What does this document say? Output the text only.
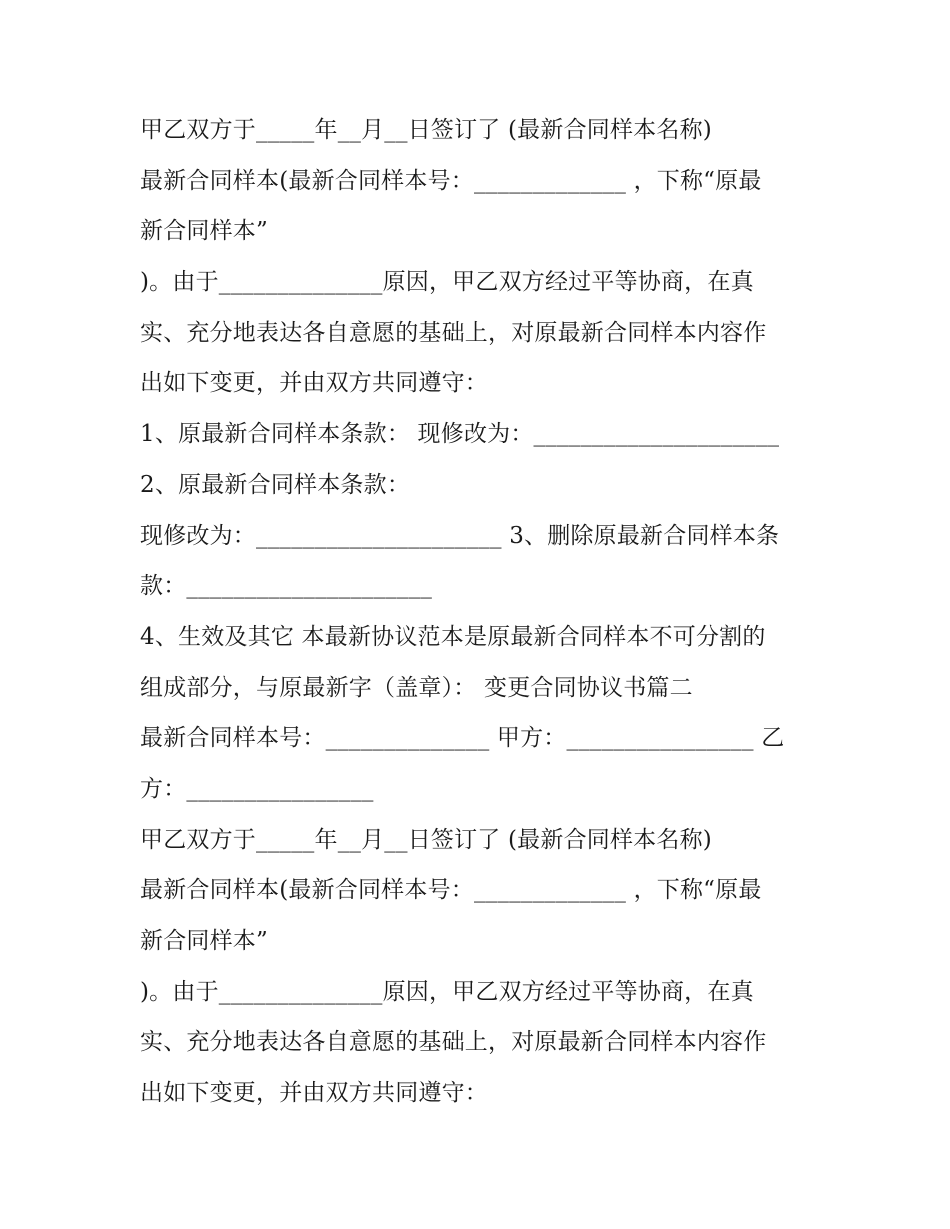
甲乙双方于_____年__月__日签订了 (最新合同样本名称)
最新合同样本(最新合同样本号：_____________ ，下称“原最
新合同样本”
)。由于______________原因，甲乙双方经过平等协商，在真
实、充分地表达各自意愿的基础上，对原最新合同样本内容作
出如下变更，并由双方共同遵守：
1、原最新合同样本条款： 现修改为：_____________________
2、原最新合同样本条款：
现修改为：_____________________ 3、删除原最新合同样本条
款：_____________________
4、生效及其它 本最新协议范本是原最新合同样本不可分割的
组成部分，与原最新字（盖章）： 变更合同协议书篇二
最新合同样本号：______________ 甲方：________________ 乙
方：________________
甲乙双方于_____年__月__日签订了 (最新合同样本名称)
最新合同样本(最新合同样本号：_____________ ，下称“原最
新合同样本”
)。由于______________原因，甲乙双方经过平等协商，在真
实、充分地表达各自意愿的基础上，对原最新合同样本内容作
出如下变更，并由双方共同遵守：
